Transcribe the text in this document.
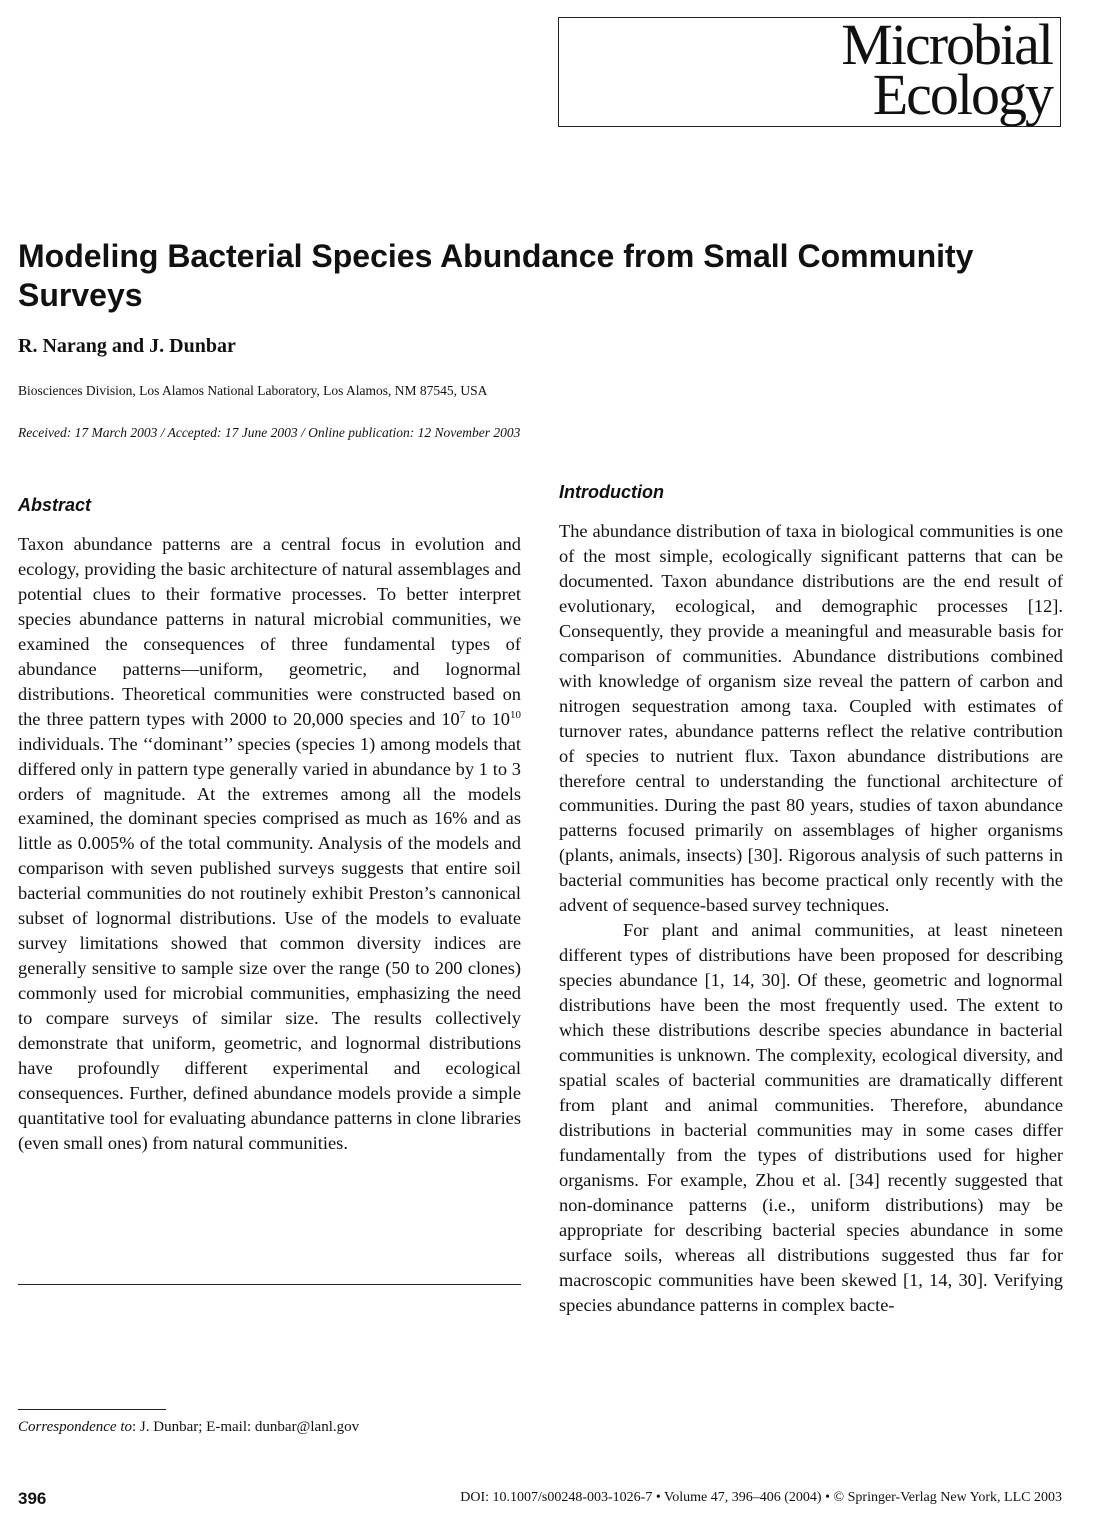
Microbial
Ecology
Modeling Bacterial Species Abundance from Small Community Surveys

R. Narang and J. Dunbar

Biosciences Division, Los Alamos National Laboratory, Los Alamos, NM 87545, USA

Received: 17 March 2003 / Accepted: 17 June 2003 / Online publication: 12 November 2003

Abstract

Taxon abundance patterns are a central focus in evolution and ecology, providing the basic architecture of natural assemblages and potential clues to their formative processes. To better interpret species abundance patterns in natural microbial communities, we examined the consequences of three fundamental types of abundance patterns—uniform, geometric, and lognormal distributions. Theoretical communities were constructed based on the three pattern types with 2000 to 20,000 species and $10^7$ to $10^{10}$ individuals. The ‘‘dominant’’ species (species 1) among models that differed only in pattern type generally varied in abundance by 1 to 3 orders of magnitude. At the extremes among all the models examined, the dominant species comprised as much as 16% and as little as 0.005% of the total community. Analysis of the models and comparison with seven published surveys suggests that entire soil bacterial communities do not routinely exhibit Preston’s cannonical subset of lognormal distributions. Use of the models to evaluate survey limitations showed that common diversity indices are generally sensitive to sample size over the range (50 to 200 clones) commonly used for microbial communities, emphasizing the need to compare surveys of similar size. The results collectively demonstrate that uniform, geometric, and lognormal distributions have profoundly different experimental and ecological consequences. Further, defined abundance models provide a simple quantitative tool for evaluating abundance patterns in clone libraries (even small ones) from natural communities.

Introduction

The abundance distribution of taxa in biological communities is one of the most simple, ecologically significant patterns that can be documented. Taxon abundance distributions are the end result of evolutionary, ecological, and demographic processes [12]. Consequently, they provide a meaningful and measurable basis for comparison of communities. Abundance distributions combined with knowledge of organism size reveal the pattern of carbon and nitrogen sequestration among taxa. Coupled with estimates of turnover rates, abundance patterns reflect the relative contribution of species to nutrient flux. Taxon abundance distributions are therefore central to understanding the functional architecture of communities. During the past 80 years, studies of taxon abundance patterns focused primarily on assemblages of higher organisms (plants, animals, insects) [30]. Rigorous analysis of such patterns in bacterial communities has become practical only recently with the advent of sequence-based survey techniques.

For plant and animal communities, at least nineteen different types of distributions have been proposed for describing species abundance [1, 14, 30]. Of these, geometric and lognormal distributions have been the most frequently used. The extent to which these distributions describe species abundance in bacterial communities is unknown. The complexity, ecological diversity, and spatial scales of bacterial communities are dramatically different from plant and animal communities. Therefore, abundance distributions in bacterial communities may in some cases differ fundamentally from the types of distributions used for higher organisms. For example, Zhou et al. [34] recently suggested that non-dominance patterns (i.e., uniform distributions) may be appropriate for describing bacterial species abundance in some surface soils, whereas all distributions suggested thus far for macroscopic communities have been skewed [1, 14, 30]. Verifying species abundance patterns in complex bacte-

Correspondence to: J. Dunbar; E-mail: dunbar@lanl.gov
396	DOI: 10.1007/s00248-003-1026-7 • Volume 47, 396–406 (2004) • © Springer-Verlag New York, LLC 2003
